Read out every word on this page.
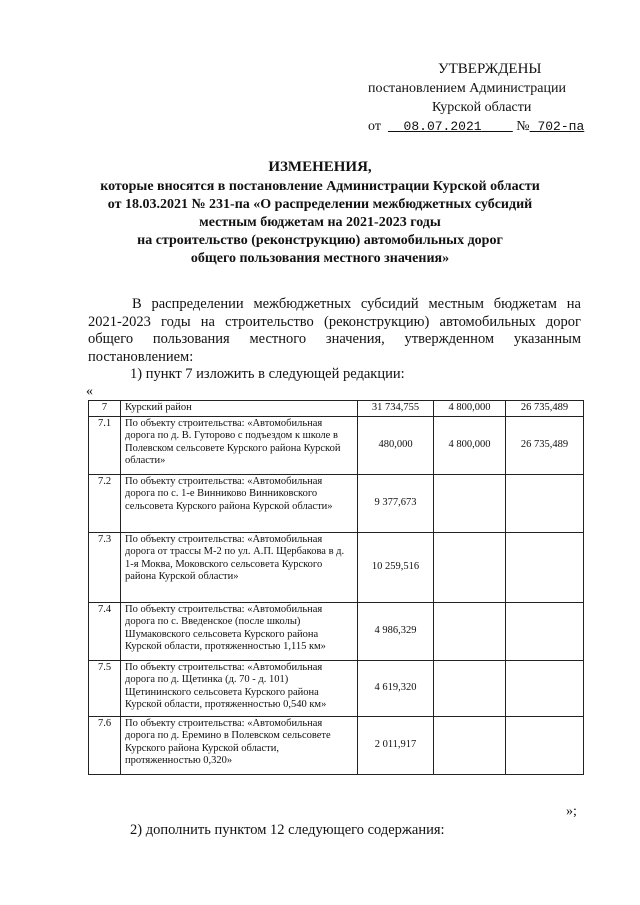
УТВЕРЖДЕНЫ
постановлением Администрации
Курской области
от 08.07.2021 № 702-па
ИЗМЕНЕНИЯ,
которые вносятся в постановление Администрации Курской области
от 18.03.2021 № 231-па «О распределении межбюджетных субсидий
местным бюджетам на 2021-2023 годы
на строительство (реконструкцию) автомобильных дорог
общего пользования местного значения»
В распределении межбюджетных субсидий местным бюджетам на 2021-2023 годы на строительство (реконструкцию) автомобильных дорог общего пользования местного значения, утвержденном указанным постановлением:
1) пункт 7 изложить в следующей редакции:
«
7	Курский район	31 734,755	4 800,000	26 735,489
7.1	По объекту строительства: «Автомобильная дорога по д. В. Гуторово с подъездом к школе в Полевском сельсовете Курского района Курской области»	480,000	4 800,000	26 735,489
7.2	По объекту строительства: «Автомобильная дорога по с. 1-е Винниково Винниковского сельсовета Курского района Курской области»	9 377,673		
7.3	По объекту строительства: «Автомобильная дорога от трассы М-2 по ул. А.П. Щербакова в д. 1-я Моква, Моковского сельсовета Курского района Курской области»	10 259,516		
7.4	По объекту строительства: «Автомобильная дорога по с. Введенское (после школы) Шумаковского сельсовета Курского района Курской области, протяженностью 1,115 км»	4 986,329		
7.5	По объекту строительства: «Автомобильная дорога по д. Щетинка (д. 70 - д. 101) Щетининского сельсовета Курского района Курской области, протяженностью 0,540 км»	4 619,320		
7.6	По объекту строительства: «Автомобильная дорога по д. Еремино в Полевском сельсовете Курского района Курской области, протяженностью 0,320»	2 011,917		
»;
2) дополнить пунктом 12 следующего содержания:
